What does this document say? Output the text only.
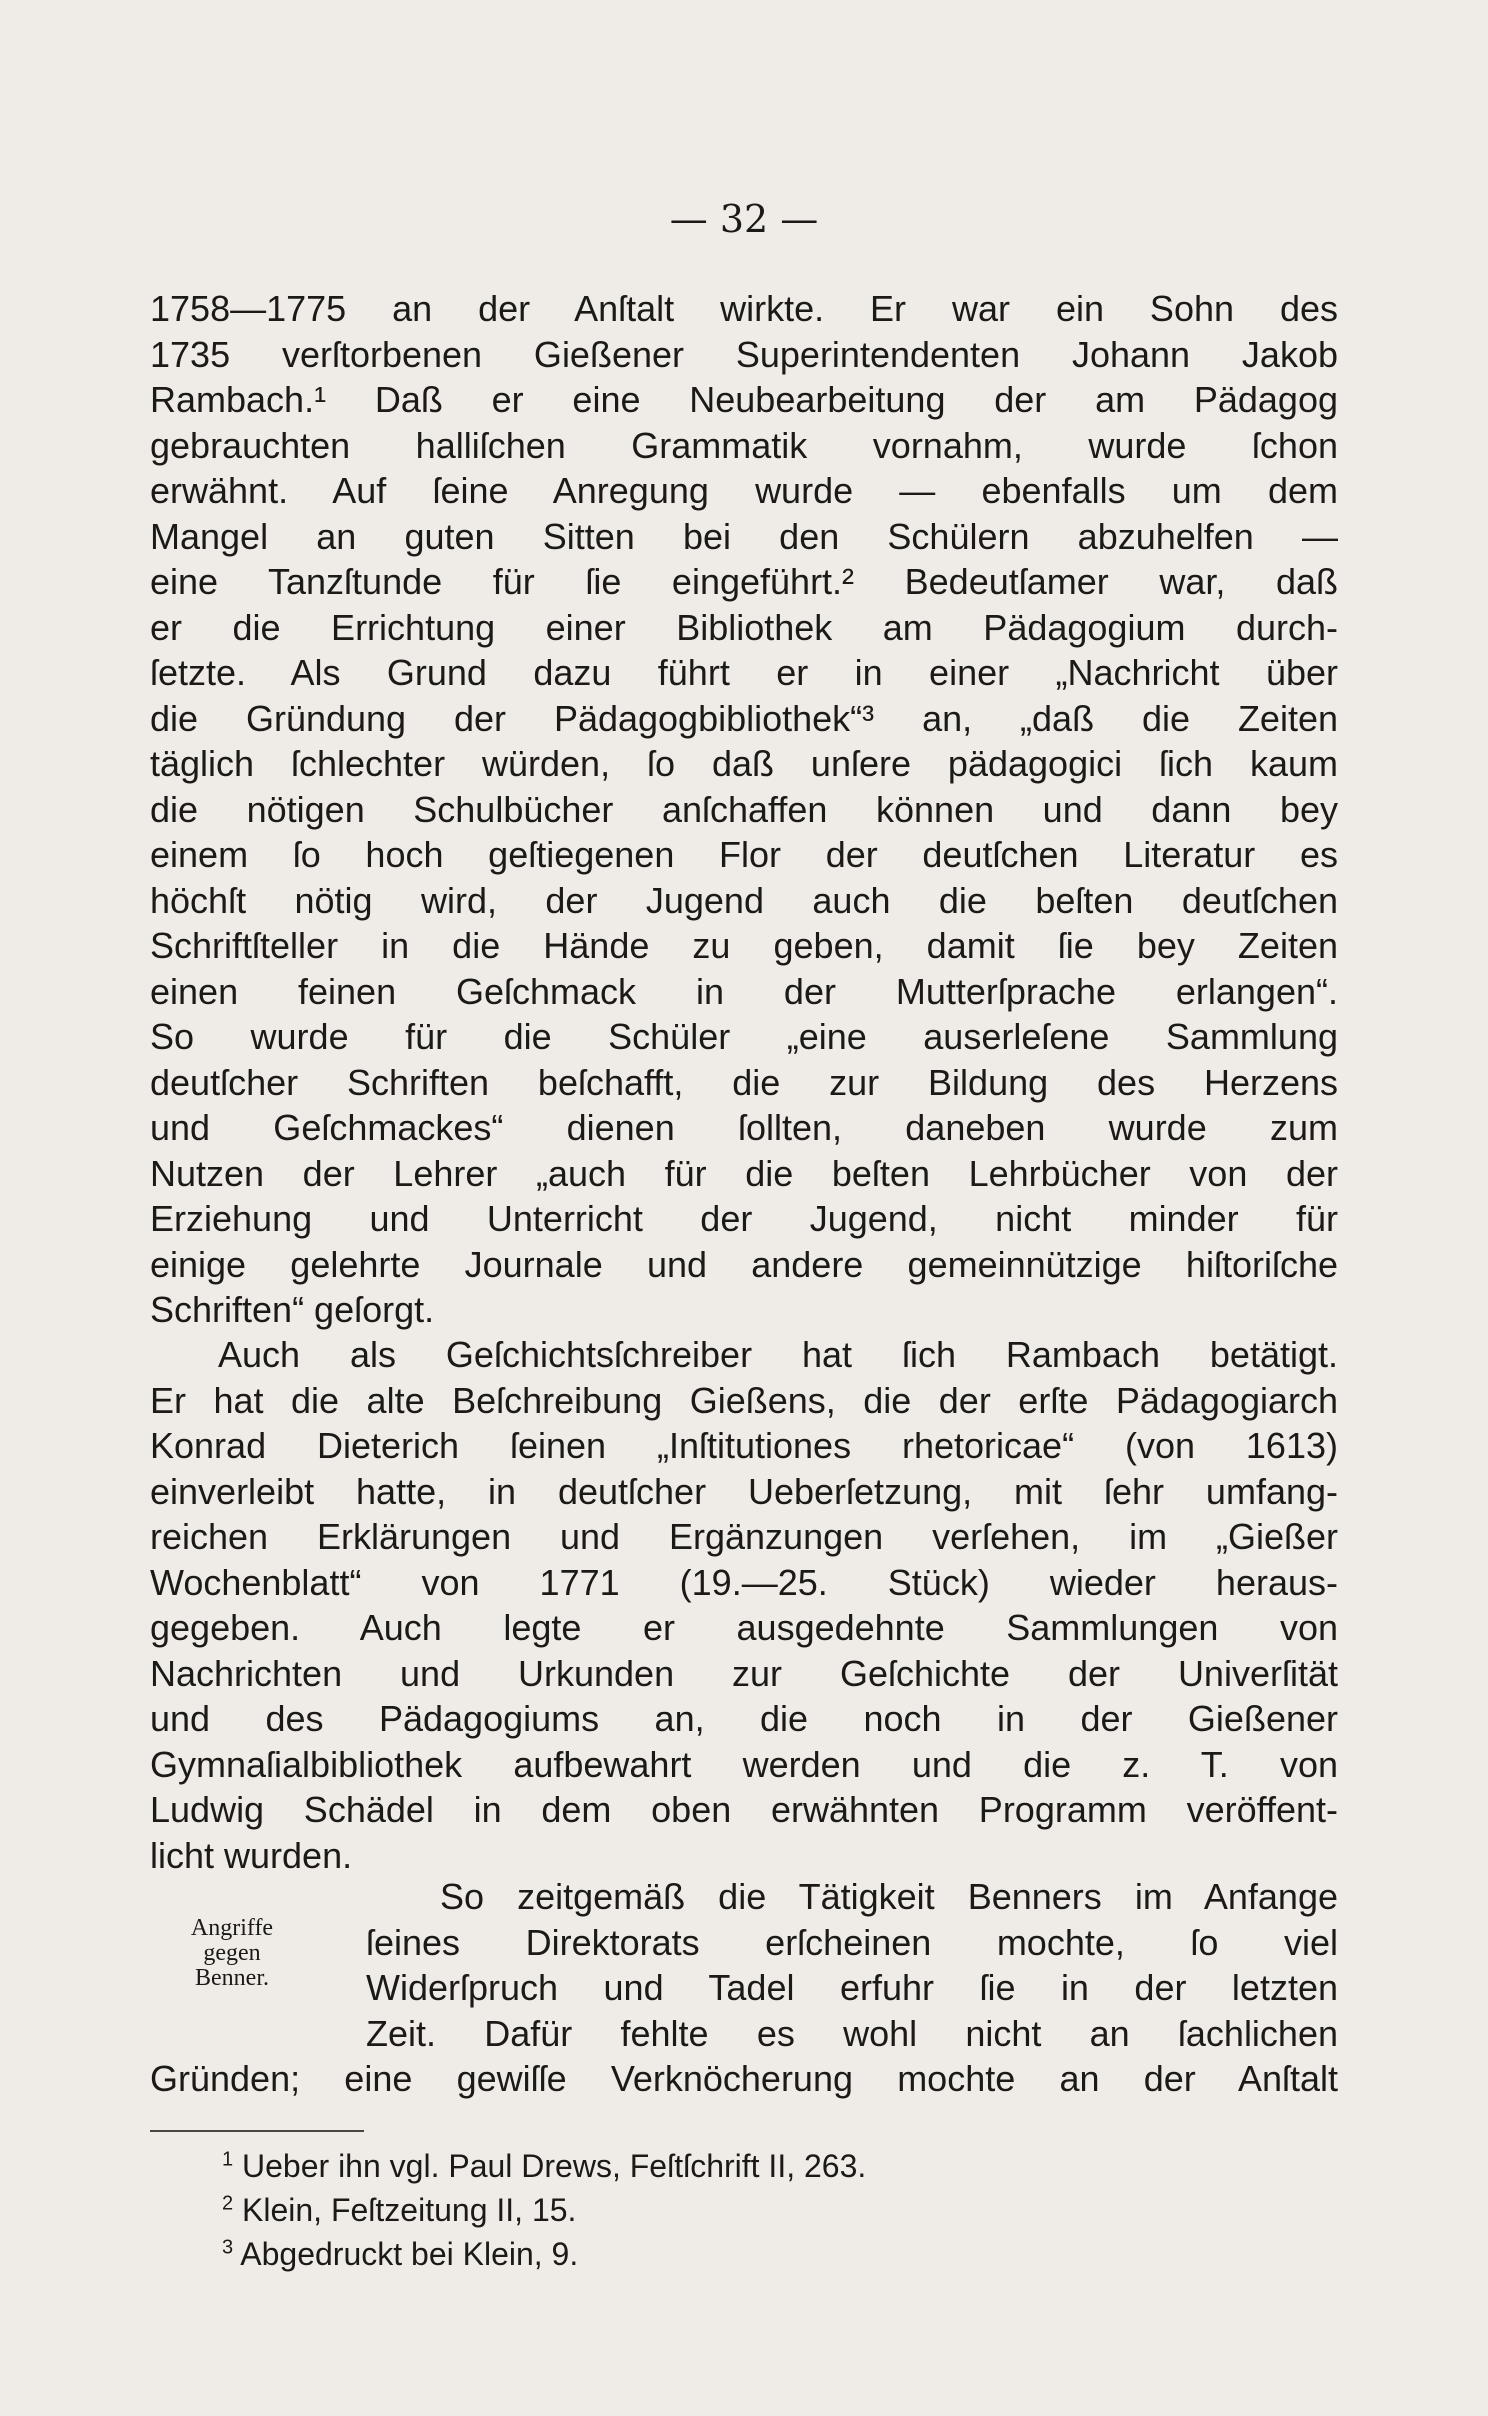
— 32 —
1758—1775 an der Anſtalt wirkte. Er war ein Sohn des
1735 verſtorbenen Gießener Superintendenten Johann Jakob
Rambach.¹ Daß er eine Neubearbeitung der am Pädagog
gebrauchten halliſchen Grammatik vornahm, wurde ſchon
erwähnt. Auf ſeine Anregung wurde — ebenfalls um dem
Mangel an guten Sitten bei den Schülern abzuhelfen —
eine Tanzſtunde für ſie eingeführt.² Bedeutſamer war, daß
er die Errichtung einer Bibliothek am Pädagogium durch-
ſetzte. Als Grund dazu führt er in einer „Nachricht über
die Gründung der Pädagogbibliothek“³ an, „daß die Zeiten
täglich ſchlechter würden, ſo daß unſere pädagogici ſich kaum
die nötigen Schulbücher anſchaffen können und dann bey
einem ſo hoch geſtiegenen Flor der deutſchen Literatur es
höchſt nötig wird, der Jugend auch die beſten deutſchen
Schriftſteller in die Hände zu geben, damit ſie bey Zeiten
einen feinen Geſchmack in der Mutterſprache erlangen“.
So wurde für die Schüler „eine auserleſene Sammlung
deutſcher Schriften beſchafft, die zur Bildung des Herzens
und Geſchmackes“ dienen ſollten, daneben wurde zum
Nutzen der Lehrer „auch für die beſten Lehrbücher von der
Erziehung und Unterricht der Jugend, nicht minder für
einige gelehrte Journale und andere gemeinnützige hiſtoriſche
Schriften“ geſorgt.
Auch als Geſchichtsſchreiber hat ſich Rambach betätigt.
Er hat die alte Beſchreibung Gießens, die der erſte Pädagogiarch
Konrad Dieterich ſeinen „Inſtitutiones rhetoricae“ (von 1613)
einverleibt hatte, in deutſcher Ueberſetzung, mit ſehr umfang-
reichen Erklärungen und Ergänzungen verſehen, im „Gießer
Wochenblatt“ von 1771 (19.—25. Stück) wieder heraus-
gegeben. Auch legte er ausgedehnte Sammlungen von
Nachrichten und Urkunden zur Geſchichte der Univerſität
und des Pädagogiums an, die noch in der Gießener
Gymnaſialbibliothek aufbewahrt werden und die z. T. von
Ludwig Schädel in dem oben erwähnten Programm veröffent-
licht wurden.
Angriffe
gegen
Benner.
So zeitgemäß die Tätigkeit Benners im Anfange
ſeines Direktorats erſcheinen mochte, ſo viel
Widerſpruch und Tadel erfuhr ſie in der letzten
Zeit. Dafür fehlte es wohl nicht an ſachlichen
Gründen; eine gewiſſe Verknöcherung mochte an der Anſtalt
$^1$ Ueber ihn vgl. Paul Drews, Feſtſchrift II, 263.
$^2$ Klein, Feſtzeitung II, 15.
$^3$ Abgedruckt bei Klein, 9.
